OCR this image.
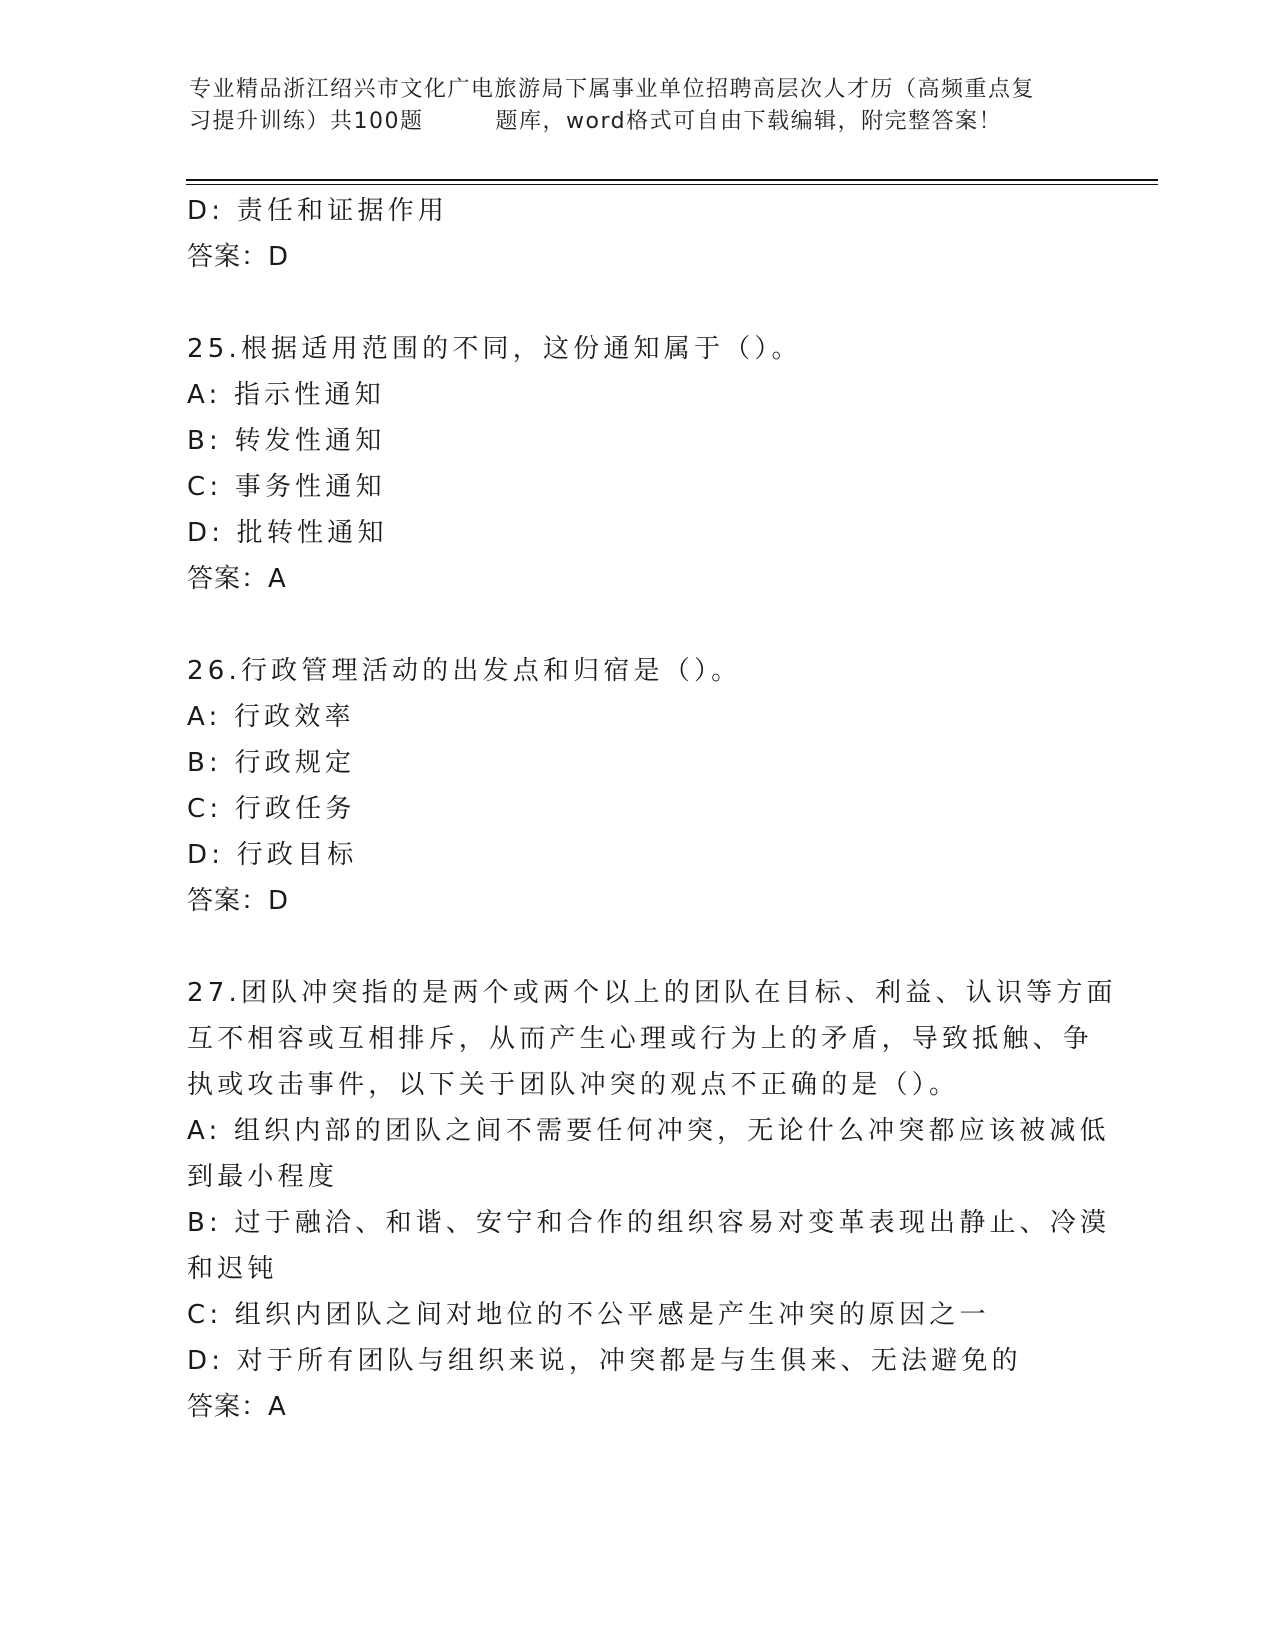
专业精品浙江绍兴市文化广电旅游局下属事业单位招聘高层次人才历（高频重点复
习提升训练）共100题	题库，word格式可自由下载编辑，附完整答案！
D: 责任和证据作用
答案：D
25.根据适用范围的不同，这份通知属于（）。
A: 指示性通知
B: 转发性通知
C: 事务性通知
D: 批转性通知
答案：A
26.行政管理活动的出发点和归宿是（）。
A: 行政效率
B: 行政规定
C: 行政任务
D: 行政目标
答案：D
27.团队冲突指的是两个或两个以上的团队在目标、利益、认识等方面
互不相容或互相排斥，从而产生心理或行为上的矛盾，导致抵触、争
执或攻击事件，以下关于团队冲突的观点不正确的是（）。
A: 组织内部的团队之间不需要任何冲突，无论什么冲突都应该被减低
到最小程度
B: 过于融洽、和谐、安宁和合作的组织容易对变革表现出静止、冷漠
和迟钝
C: 组织内团队之间对地位的不公平感是产生冲突的原因之一
D: 对于所有团队与组织来说，冲突都是与生俱来、无法避免的
答案：A
